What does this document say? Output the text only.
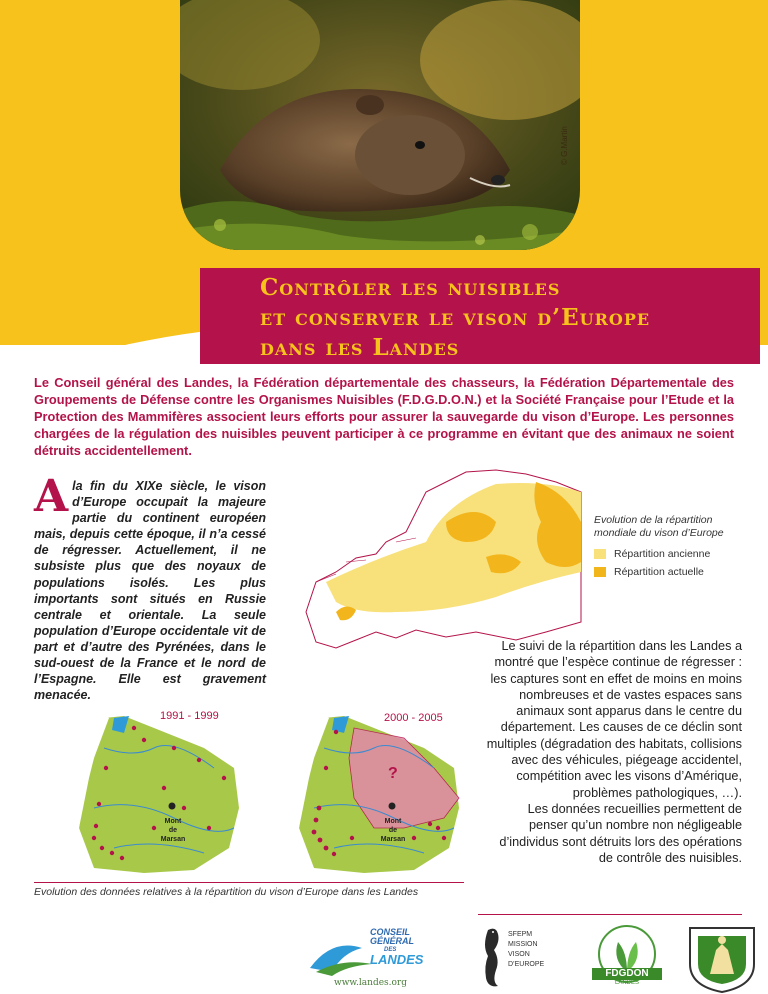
© G.Martin
Contrôler les nuisibles
et conserver le vison d’Europe
dans les Landes
Le Conseil général des Landes, la Fédération départementale des chasseurs, la Fédération Départementale des Groupements de Défense contre les Organismes Nuisibles (F.D.G.D.O.N.) et la Société Française pour l’Etude et la Protection des Mammifères associent leurs efforts pour assurer la sauvegarde du vison d’Europe. Les personnes chargées de la régulation des nuisibles peuvent participer à ce programme en évitant que des animaux ne soient détruits accidentellement.
Ala fin du XIXe siècle, le vison d’Europe occupait la majeure partie du continent européen mais, depuis cette époque, il n’a cessé de régresser. Actuellement, il ne subsiste plus que des noyaux de populations isolés. Les plus importants sont situés en Russie centrale et orientale. La seule population d’Europe occidentale vit de part et d’autre des Pyrénées, dans le sud-ouest de la France et le nord de l’Espagne. Elle est gravement menacée.
Evolution de la répartition mondiale du vison d’Europe
Répartition ancienne
Répartition actuelle
?
Mont
de
Marsan
Mont
de
Marsan
1991 - 1999	2000 - 2005
Evolution des données relatives à la répartition du vison d’Europe dans les Landes
Le suivi de la répartition dans les Landes a montré que l’espèce continue de régresser : les captures sont en effet de moins en moins nombreuses et de vastes espaces sans animaux sont apparus dans le centre du département. Les causes de ce déclin sont multiples (dégradation des habitats, collisions avec des véhicules, piégeage accidentel, compétition avec les visons d’Amérique, problèmes pathologiques, …).
Les données recueillies permettent de penser qu’un nombre non négligeable d’individus sont détruits lors des opérations de contrôle des nuisibles.
CONSEIL
GÉNÉRAL
DES
LANDES
www.landes.org
SFEPM
MISSION
VISON
D’EUROPE
FDGDON
LANDES
